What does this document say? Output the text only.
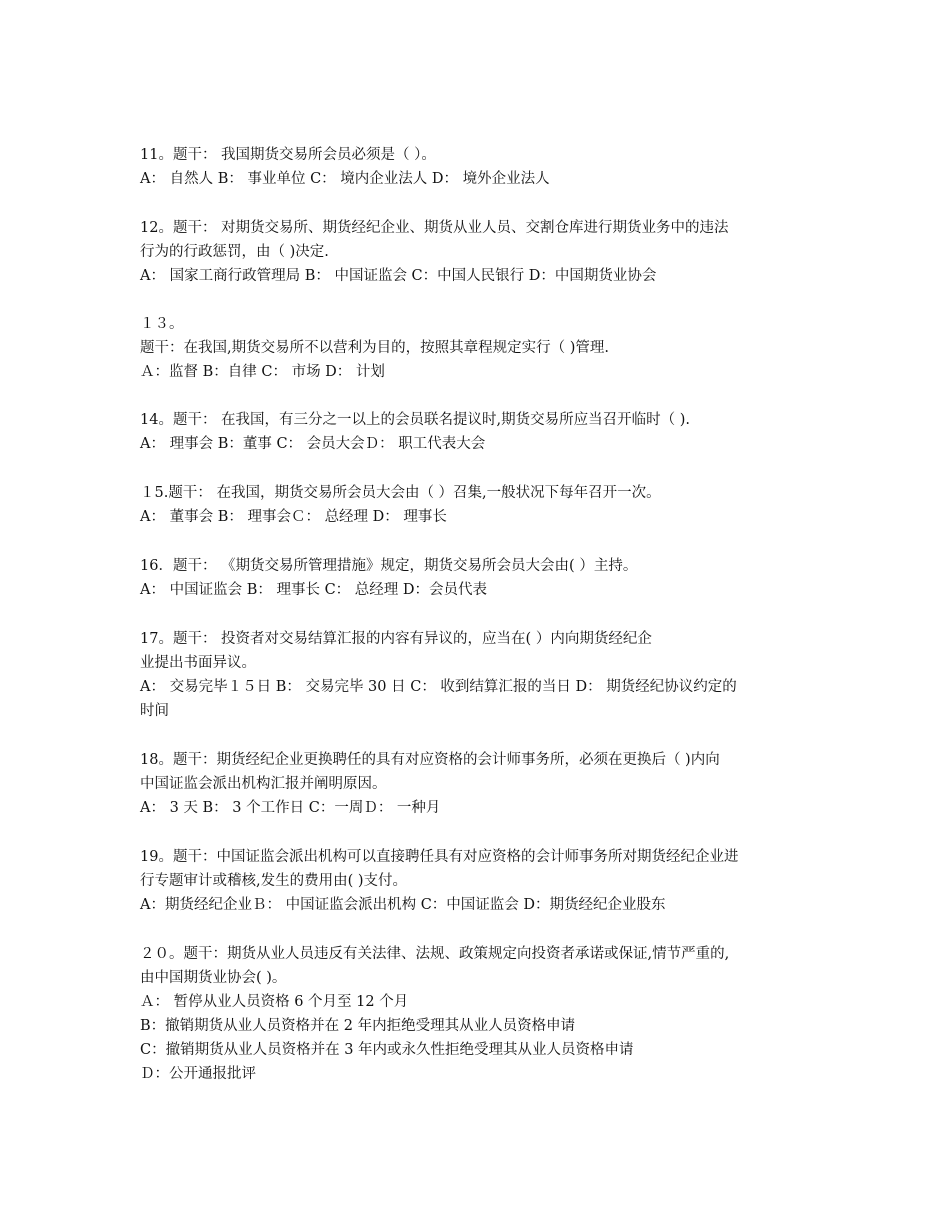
11。题干： 我国期货交易所会员必须是（ ）。
A： 自然人 B： 事业单位 C： 境内企业法人 D： 境外企业法人
12。题干： 对期货交易所、期货经纪企业、期货从业人员、交割仓库进行期货业务中的违法
行为的行政惩罚，由（ )决定.
A： 国家工商行政管理局 B： 中国证监会 C：中国人民银行 D：中国期货业协会
１３。
题干：在我国,期货交易所不以营利为目的，按照其章程规定实行（ )管理.
Ａ：监督 B：自律 C： 市场 D： 计划
14。题干： 在我国，有三分之一以上的会员联名提议时,期货交易所应当召开临时（ ).
A： 理事会 B：董事 C： 会员大会Ｄ： 职工代表大会
１5.题干： 在我国，期货交易所会员大会由（ ）召集,一般状况下每年召开一次。
A： 董事会 B： 理事会Ｃ： 总经理 D： 理事长
16．题干： 《期货交易所管理措施》规定，期货交易所会员大会由( ）主持。
A： 中国证监会 B： 理事长 C： 总经理 D：会员代表
17。题干： 投资者对交易结算汇报的内容有异议的，应当在( ）内向期货经纪企
业提出书面异议。
A： 交易完毕１５日 B： 交易完毕 30 日 C： 收到结算汇报的当日 D： 期货经纪协议约定的
时间
18。题干：期货经纪企业更换聘任的具有对应资格的会计师事务所，必须在更换后（ )内向
中国证监会派出机构汇报并阐明原因。
A： 3 天 B： 3 个工作日 C：一周Ｄ： 一种月
19。题干：中国证监会派出机构可以直接聘任具有对应资格的会计师事务所对期货经纪企业进
行专题审计或稽核,发生的费用由( )支付。
A：期货经纪企业Ｂ： 中国证监会派出机构 C：中国证监会 D：期货经纪企业股东
２０。题干：期货从业人员违反有关法律、法规、政策规定向投资者承诺或保证,情节严重的,
由中国期货业协会( )。
Ａ： 暂停从业人员资格 6 个月至 12 个月
B：撤销期货从业人员资格并在 2 年内拒绝受理其从业人员资格申请
C：撤销期货从业人员资格并在 3 年内或永久性拒绝受理其从业人员资格申请
Ｄ：公开通报批评
